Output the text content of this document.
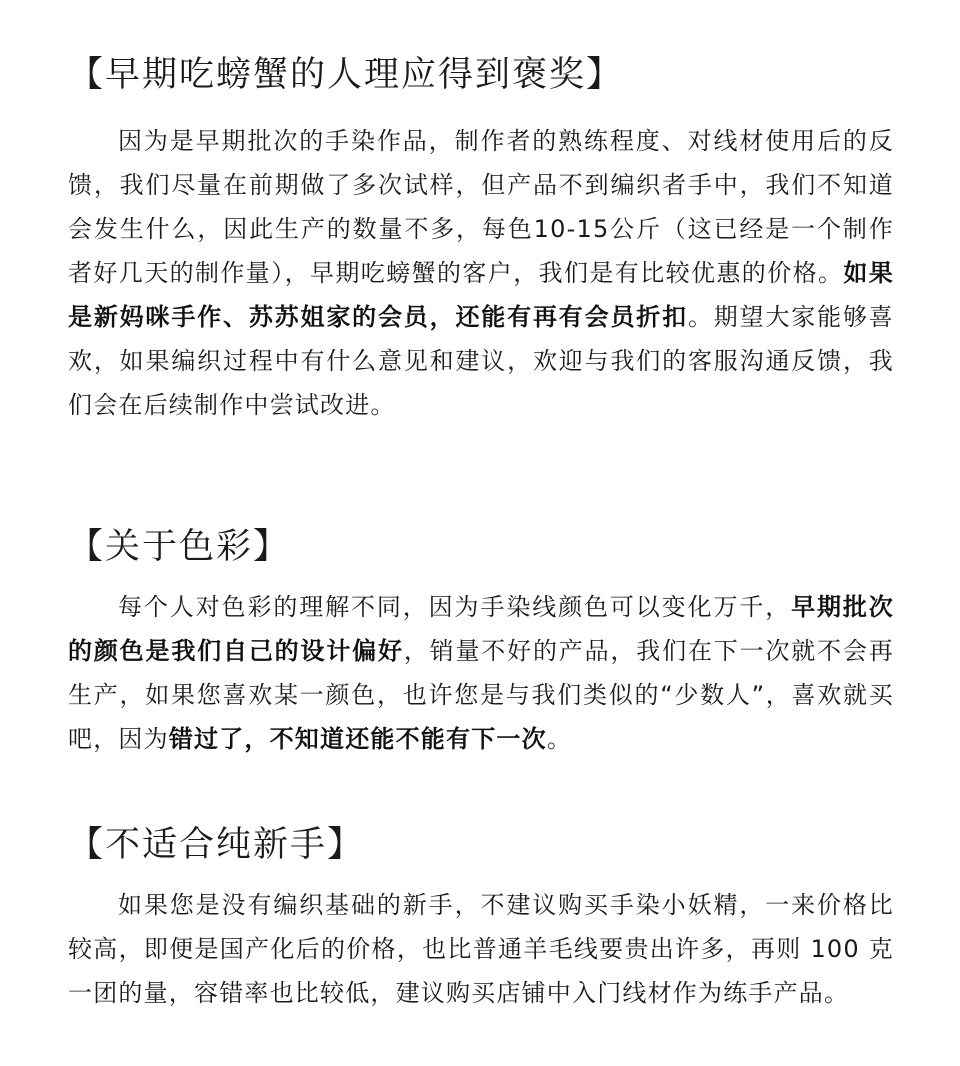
【早期吃螃蟹的人理应得到褒奖】

因为是早期批次的手染作品，制作者的熟练程度、对线材使用后的反馈，我们尽量在前期做了多次试样，但产品不到编织者手中，我们不知道会发生什么，因此生产的数量不多，每色10-15公斤（这已经是一个制作者好几天的制作量），早期吃螃蟹的客户，我们是有比较优惠的价格。如果是新妈咪手作、苏苏姐家的会员，还能有再有会员折扣。期望大家能够喜欢，如果编织过程中有什么意见和建议，欢迎与我们的客服沟通反馈，我们会在后续制作中尝试改进。

【关于色彩】

每个人对色彩的理解不同，因为手染线颜色可以变化万千，早期批次的颜色是我们自己的设计偏好，销量不好的产品，我们在下一次就不会再生产，如果您喜欢某一颜色，也许您是与我们类似的“少数人”，喜欢就买吧，因为错过了，不知道还能不能有下一次。

【不适合纯新手】

如果您是没有编织基础的新手，不建议购买手染小妖精，一来价格比较高，即便是国产化后的价格，也比普通羊毛线要贵出许多，再则 100 克一团的量，容错率也比较低，建议购买店铺中入门线材作为练手产品。
